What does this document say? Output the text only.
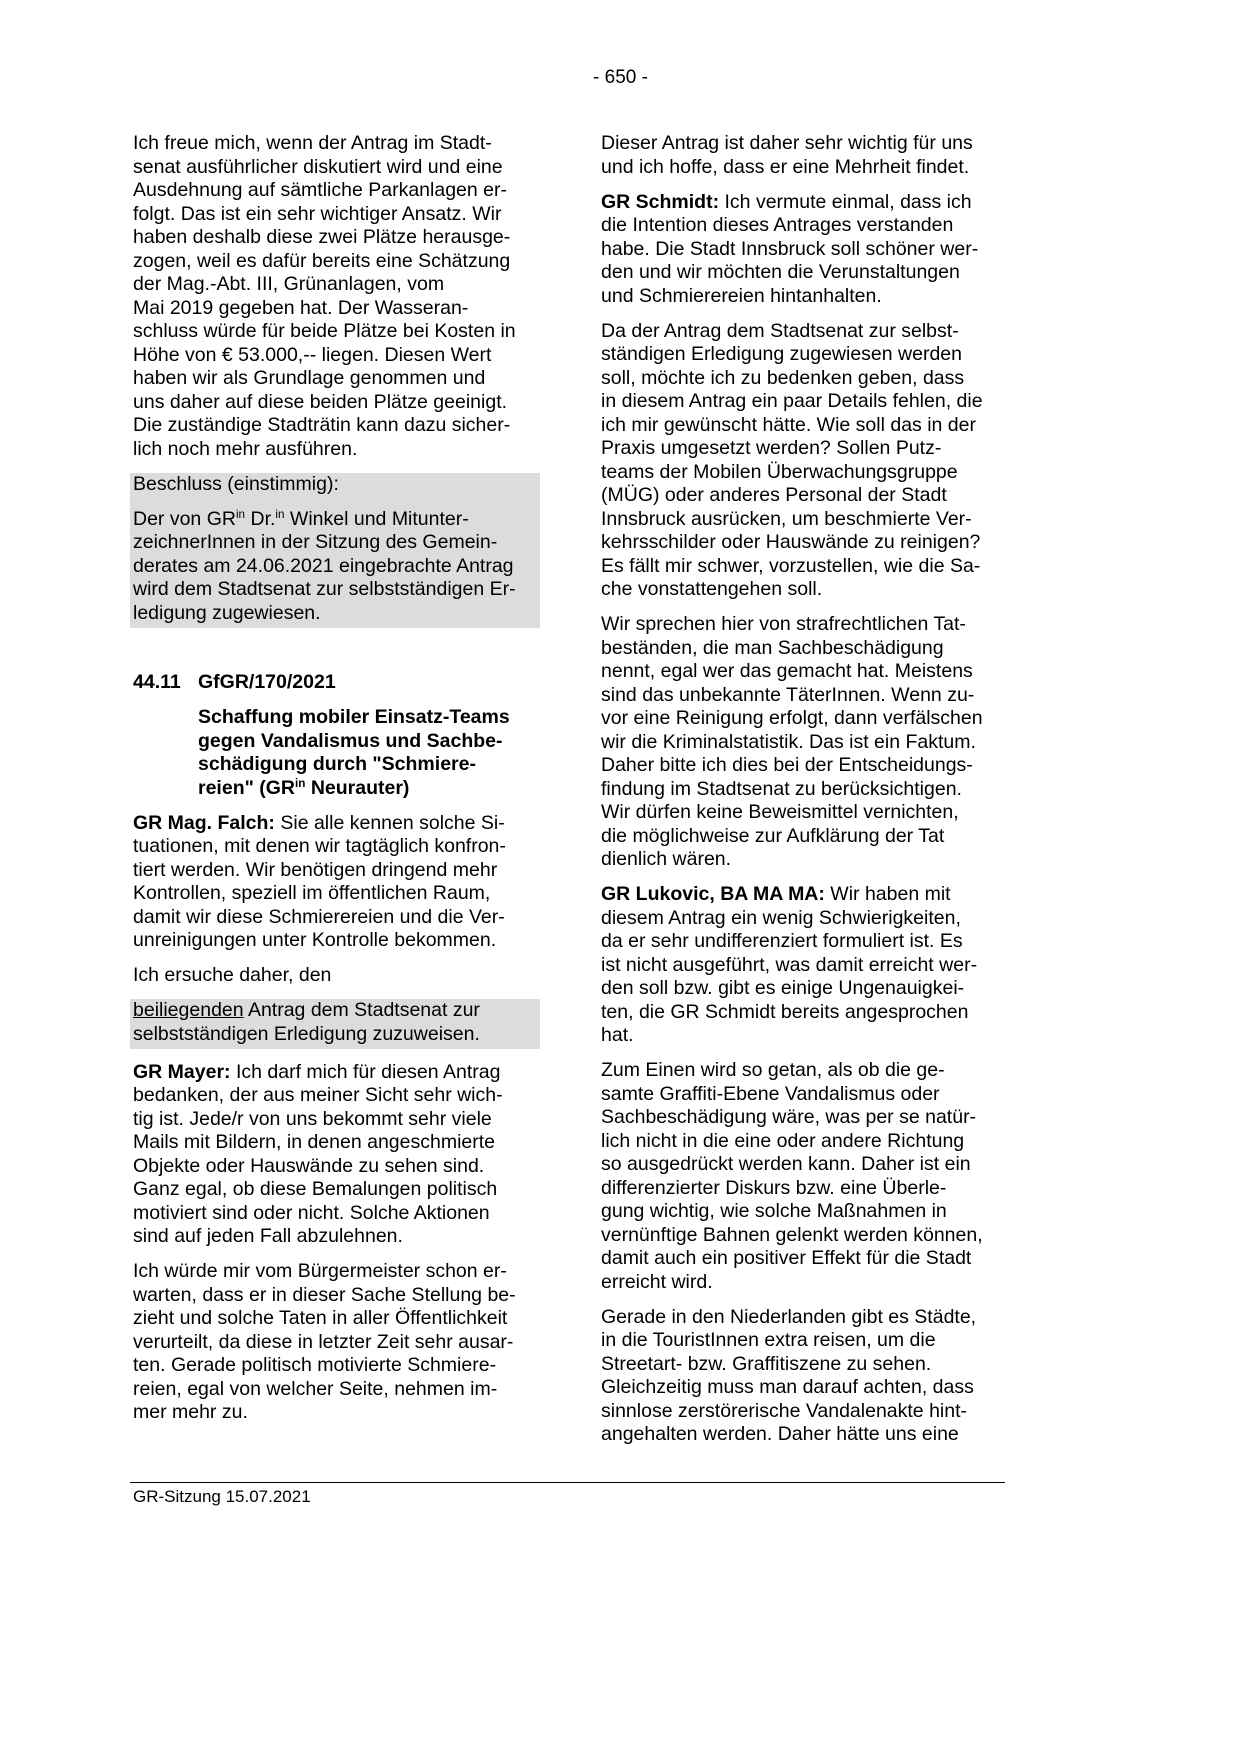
- 650 -
Ich freue mich, wenn der Antrag im Stadt-
senat ausführlicher diskutiert wird und eine
Ausdehnung auf sämtliche Parkanlagen er-
folgt. Das ist ein sehr wichtiger Ansatz. Wir
haben deshalb diese zwei Plätze herausge-
zogen, weil es dafür bereits eine Schätzung
der Mag.-Abt. III, Grünanlagen, vom
Mai 2019 gegeben hat. Der Wasseran-
schluss würde für beide Plätze bei Kosten in
Höhe von € 53.000,-- liegen. Diesen Wert
haben wir als Grundlage genommen und
uns daher auf diese beiden Plätze geeinigt.
Die zuständige Stadträtin kann dazu sicher-
lich noch mehr ausführen.
Beschluss (einstimmig):
Der von $GR^{in}$ Dr.$^{in}$ Winkel und Mitunter-
zeichnerInnen in der Sitzung des Gemein-
derates am 24.06.2021 eingebrachte Antrag
wird dem Stadtsenat zur selbstständigen Er-
ledigung zugewiesen.
44.11 GfGR/170/2021
Schaffung mobiler Einsatz-Teams
gegen Vandalismus und Sachbe-
schädigung durch "Schmiere-
reien" ($GR^{in}$ Neurauter)
GR Mag. Falch: Sie alle kennen solche Si-
tuationen, mit denen wir tagtäglich konfron-
tiert werden. Wir benötigen dringend mehr
Kontrollen, speziell im öffentlichen Raum,
damit wir diese Schmierereien und die Ver-
unreinigungen unter Kontrolle bekommen.
Ich ersuche daher, den
beiliegenden Antrag dem Stadtsenat zur
selbstständigen Erledigung zuzuweisen.
GR Mayer: Ich darf mich für diesen Antrag
bedanken, der aus meiner Sicht sehr wich-
tig ist. Jede/r von uns bekommt sehr viele
Mails mit Bildern, in denen angeschmierte
Objekte oder Hauswände zu sehen sind.
Ganz egal, ob diese Bemalungen politisch
motiviert sind oder nicht. Solche Aktionen
sind auf jeden Fall abzulehnen.
Ich würde mir vom Bürgermeister schon er-
warten, dass er in dieser Sache Stellung be-
zieht und solche Taten in aller Öffentlichkeit
verurteilt, da diese in letzter Zeit sehr ausar-
ten. Gerade politisch motivierte Schmiere-
reien, egal von welcher Seite, nehmen im-
mer mehr zu.
Dieser Antrag ist daher sehr wichtig für uns
und ich hoffe, dass er eine Mehrheit findet.
GR Schmidt: Ich vermute einmal, dass ich
die Intention dieses Antrages verstanden
habe. Die Stadt Innsbruck soll schöner wer-
den und wir möchten die Verunstaltungen
und Schmierereien hintanhalten.
Da der Antrag dem Stadtsenat zur selbst-
ständigen Erledigung zugewiesen werden
soll, möchte ich zu bedenken geben, dass
in diesem Antrag ein paar Details fehlen, die
ich mir gewünscht hätte. Wie soll das in der
Praxis umgesetzt werden? Sollen Putz-
teams der Mobilen Überwachungsgruppe
(MÜG) oder anderes Personal der Stadt
Innsbruck ausrücken, um beschmierte Ver-
kehrsschilder oder Hauswände zu reinigen?
Es fällt mir schwer, vorzustellen, wie die Sa-
che vonstattengehen soll.
Wir sprechen hier von strafrechtlichen Tat-
beständen, die man Sachbeschädigung
nennt, egal wer das gemacht hat. Meistens
sind das unbekannte TäterInnen. Wenn zu-
vor eine Reinigung erfolgt, dann verfälschen
wir die Kriminalstatistik. Das ist ein Faktum.
Daher bitte ich dies bei der Entscheidungs-
findung im Stadtsenat zu berücksichtigen.
Wir dürfen keine Beweismittel vernichten,
die möglichweise zur Aufklärung der Tat
dienlich wären.
GR Lukovic, BA MA MA: Wir haben mit
diesem Antrag ein wenig Schwierigkeiten,
da er sehr undifferenziert formuliert ist. Es
ist nicht ausgeführt, was damit erreicht wer-
den soll bzw. gibt es einige Ungenauigkei-
ten, die GR Schmidt bereits angesprochen
hat.
Zum Einen wird so getan, als ob die ge-
samte Graffiti-Ebene Vandalismus oder
Sachbeschädigung wäre, was per se natür-
lich nicht in die eine oder andere Richtung
so ausgedrückt werden kann. Daher ist ein
differenzierter Diskurs bzw. eine Überle-
gung wichtig, wie solche Maßnahmen in
vernünftige Bahnen gelenkt werden können,
damit auch ein positiver Effekt für die Stadt
erreicht wird.
Gerade in den Niederlanden gibt es Städte,
in die TouristInnen extra reisen, um die
Streetart- bzw. Graffitiszene zu sehen.
Gleichzeitig muss man darauf achten, dass
sinnlose zerstörerische Vandalenakte hint-
angehalten werden. Daher hätte uns eine
GR-Sitzung 15.07.2021
